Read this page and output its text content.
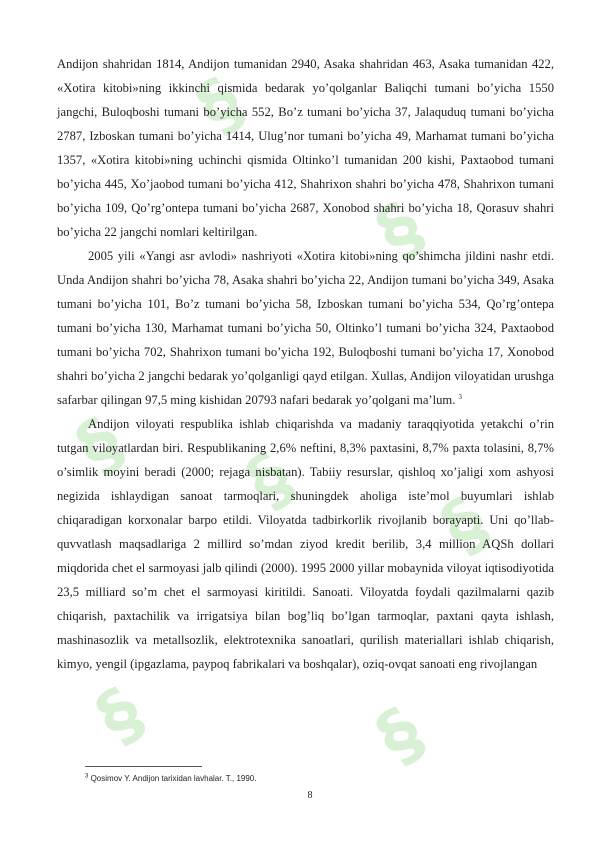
§
§
§ §
§
§	§

Andijon shahridan 1814, Andijon tumanidan 2940, Asaka shahridan 463, Asaka tumanidan 422, «Xotira kitobi»ning ikkinchi qismida bedarak yo’qolganlar Baliqchi tumani bo’yicha 1550 jangchi, Buloqboshi tumani bo’yicha 552, Bo’z tumani bo’yicha 37, Jalaquduq tumani bo’yicha 2787, Izboskan tumani bo’yicha 1414, Ulug’nor tumani bo’yicha 49, Marhamat tumani bo’yicha 1357, «Xotira kitobi»ning uchinchi qismida Oltinko’l tumanidan 200 kishi, Paxtaobod tumani bo’yicha 445, Xo’jaobod tumani bo’yicha 412, Shahrixon shahri bo’yicha 478, Shahrixon tumani bo’yicha 109, Qo’rg’ontepa tumani bo’yicha 2687, Xonobod shahri bo’yicha 18, Qorasuv shahri bo’yicha 22 jangchi nomlari keltirilgan.

2005 yili «Yangi asr avlodi» nashriyoti «Xotira kitobi»ning qo’shimcha jildini nashr etdi. Unda Andijon shahri bo’yicha 78, Asaka shahri bo’yicha 22, Andijon tumani bo’yicha 349, Asaka tumani bo’yicha 101, Bo’z tumani bo’yicha 58, Izboskan tumani bo’yicha 534, Qo’rg’ontepa tumani bo’yicha 130, Marhamat tumani bo’yicha 50, Oltinko’l tumani bo’yicha 324, Paxtaobod tumani bo’yicha 702, Shahrixon tumani bo’yicha 192, Buloqboshi tumani bo’yicha 17, Xonobod shahri bo’yicha 2 jangchi bedarak yo’qolganligi qayd etilgan. Xullas, Andijon viloyatidan urushga safarbar qilingan 97,5 ming kishidan 20793 nafari bedarak yo’qolgani ma’lum. $^3$

Andijon viloyati respublika ishlab chiqarishda va madaniy taraqqiyotida yetakchi o’rin tutgan viloyatlardan biri. Respublikaning 2,6% neftini, 8,3% paxtasini, 8,7% paxta tolasini, 8,7% o’simlik moyini beradi (2000; rejaga nisbatan). Tabiiy resurslar, qishloq xo’jaligi xom ashyosi negizida ishlaydigan sanoat tarmoqlari, shuningdek aholiga iste’mol buyumlari ishlab chiqaradigan korxonalar barpo etildi. Viloyatda tadbirkorlik rivojlanib borayapti. Uni qo’llab-quvvatlash maqsadlariga 2 millird so’mdan ziyod kredit berilib, 3,4 million AQSh dollari miqdorida chet el sarmoyasi jalb qilindi (2000). 1995 2000 yillar mobaynida viloyat iqtisodiyotida 23,5 milliard so’m chet el sarmoyasi kiritildi. Sanoati. Viloyatda foydali qazilmalarni qazib chiqarish, paxtachilik va irrigatsiya bilan bog’liq bo’lgan tarmoqlar, paxtani qayta ishlash, mashinasozlik va metallsozlik, elektrotexnika sanoatlari, qurilish materiallari ishlab chiqarish, kimyo, yengil (ipgazlama, paypoq fabrikalari va boshqalar), oziq-ovqat sanoati eng rivojlangan

$^3$ Qosimov Y. Andijon tarixidan lavhalar. T., 1990.
8
